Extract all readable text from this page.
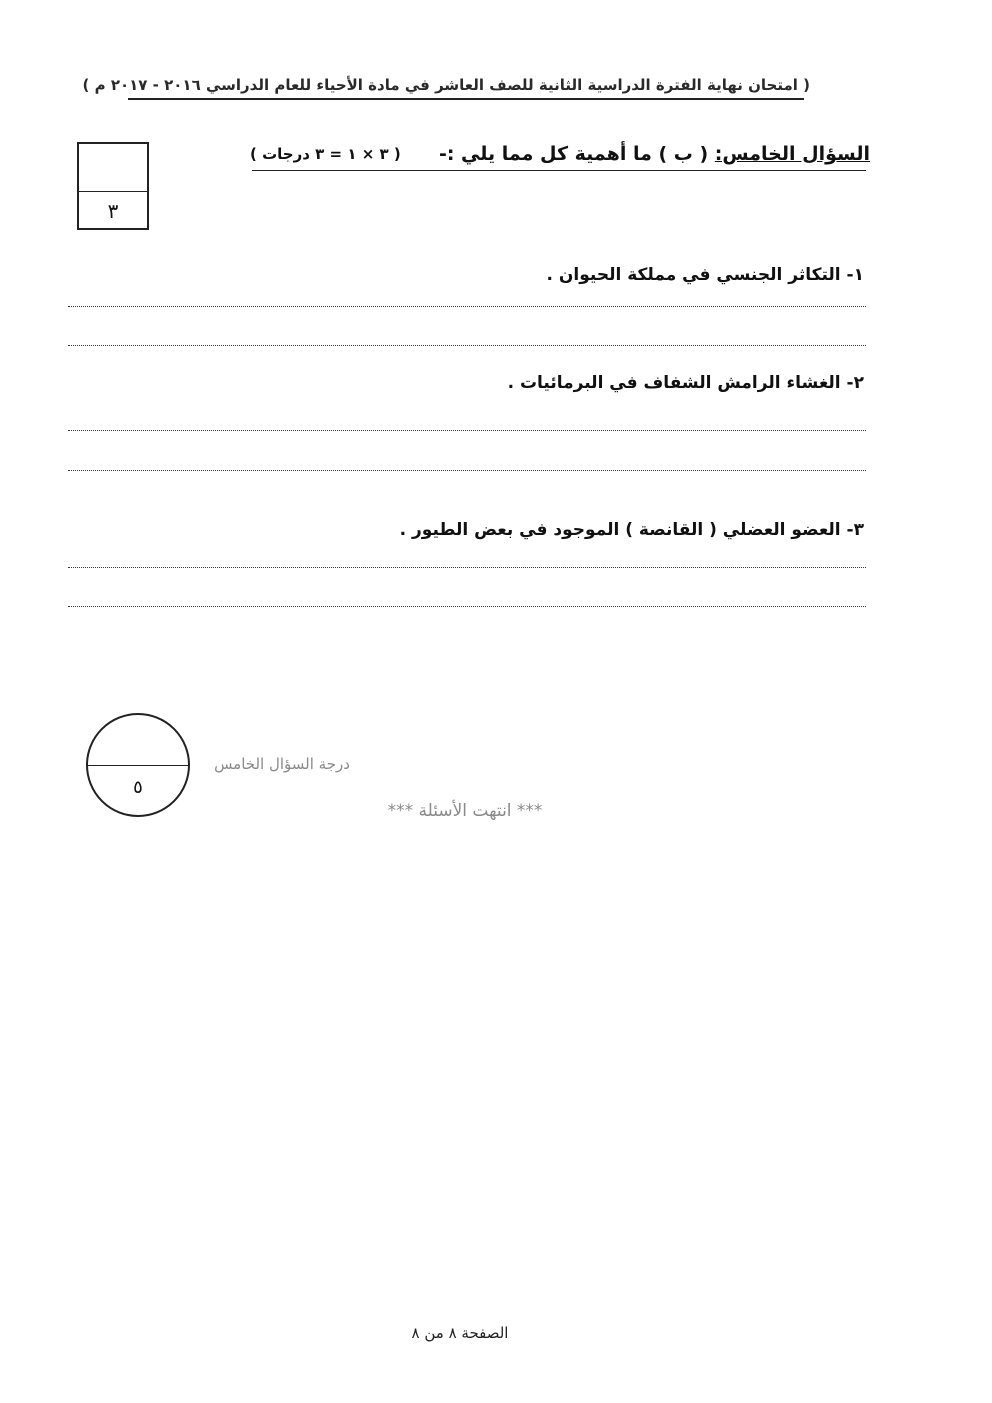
( امتحان نهاية الفترة الدراسية الثانية للصف العاشر في مادة الأحياء للعام الدراسي ٢٠١٦ - ٢٠١٧ م )
السؤال الخامس: ( ب ) ما أهمية كل مما يلي :-
( ٣ × ١ = ٣ درجات )
٣
١- التكاثر الجنسي في مملكة الحيوان .
٢- الغشاء الرامش الشفاف في البرمائيات .
٣- العضو العضلي ( القانصة ) الموجود في بعض الطيور .
٥
درجة السؤال الخامس
*** انتهت الأسئلة ***
الصفحة ٨ من ٨
